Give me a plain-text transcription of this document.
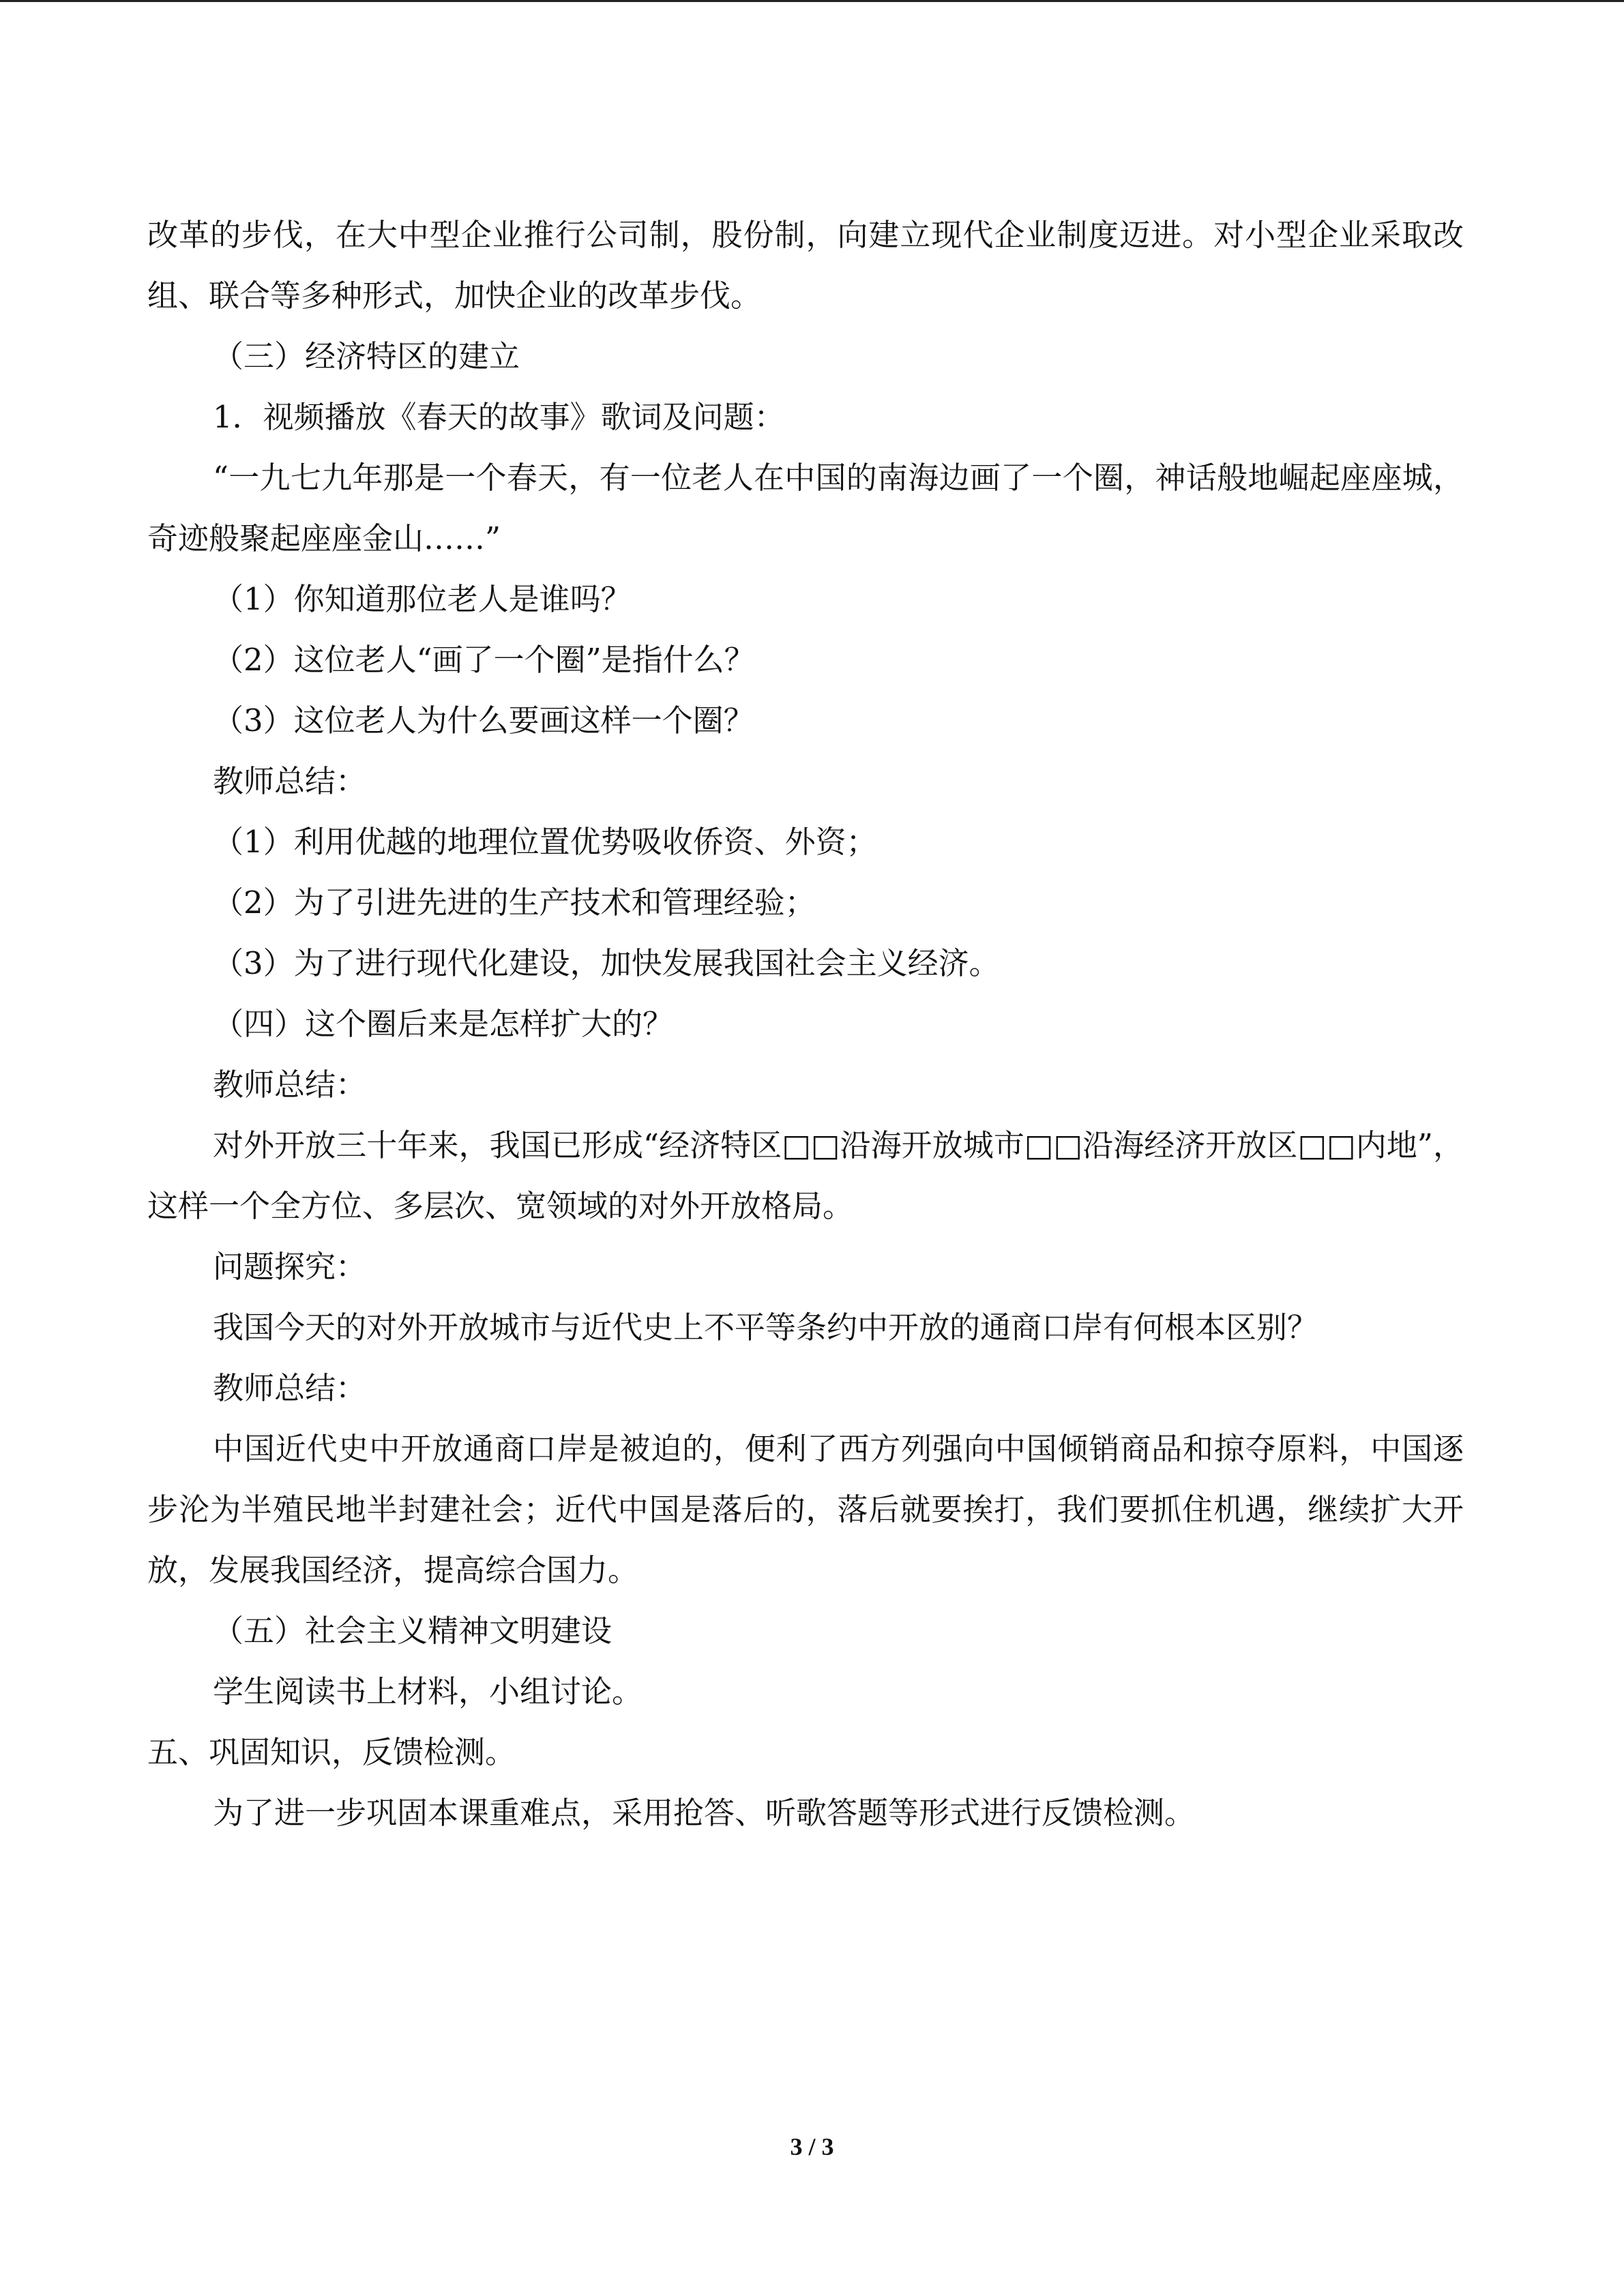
改革的步伐，在大中型企业推行公司制，股份制，向建立现代企业制度迈进。对小型企业采取改组、联合等多种形式，加快企业的改革步伐。

（三）经济特区的建立

1．视频播放《春天的故事》歌词及问题：

“一九七九年那是一个春天，有一位老人在中国的南海边画了一个圈，神话般地崛起座座城，奇迹般聚起座座金山……”

（1）你知道那位老人是谁吗？

（2）这位老人“画了一个圈”是指什么？

（3）这位老人为什么要画这样一个圈？

教师总结：

（1）利用优越的地理位置优势吸收侨资、外资；

（2）为了引进先进的生产技术和管理经验；

（3）为了进行现代化建设，加快发展我国社会主义经济。

（四）这个圈后来是怎样扩大的？

教师总结：

对外开放三十年来，我国已形成“经济特区□□沿海开放城市□□沿海经济开放区□□内地”，这样一个全方位、多层次、宽领域的对外开放格局。

问题探究：

我国今天的对外开放城市与近代史上不平等条约中开放的通商口岸有何根本区别？

教师总结：

中国近代史中开放通商口岸是被迫的，便利了西方列强向中国倾销商品和掠夺原料，中国逐步沦为半殖民地半封建社会；近代中国是落后的，落后就要挨打，我们要抓住机遇，继续扩大开放，发展我国经济，提高综合国力。

（五）社会主义精神文明建设

学生阅读书上材料，小组讨论。

五、巩固知识，反馈检测。

为了进一步巩固本课重难点，采用抢答、听歌答题等形式进行反馈检测。

3 / 3
